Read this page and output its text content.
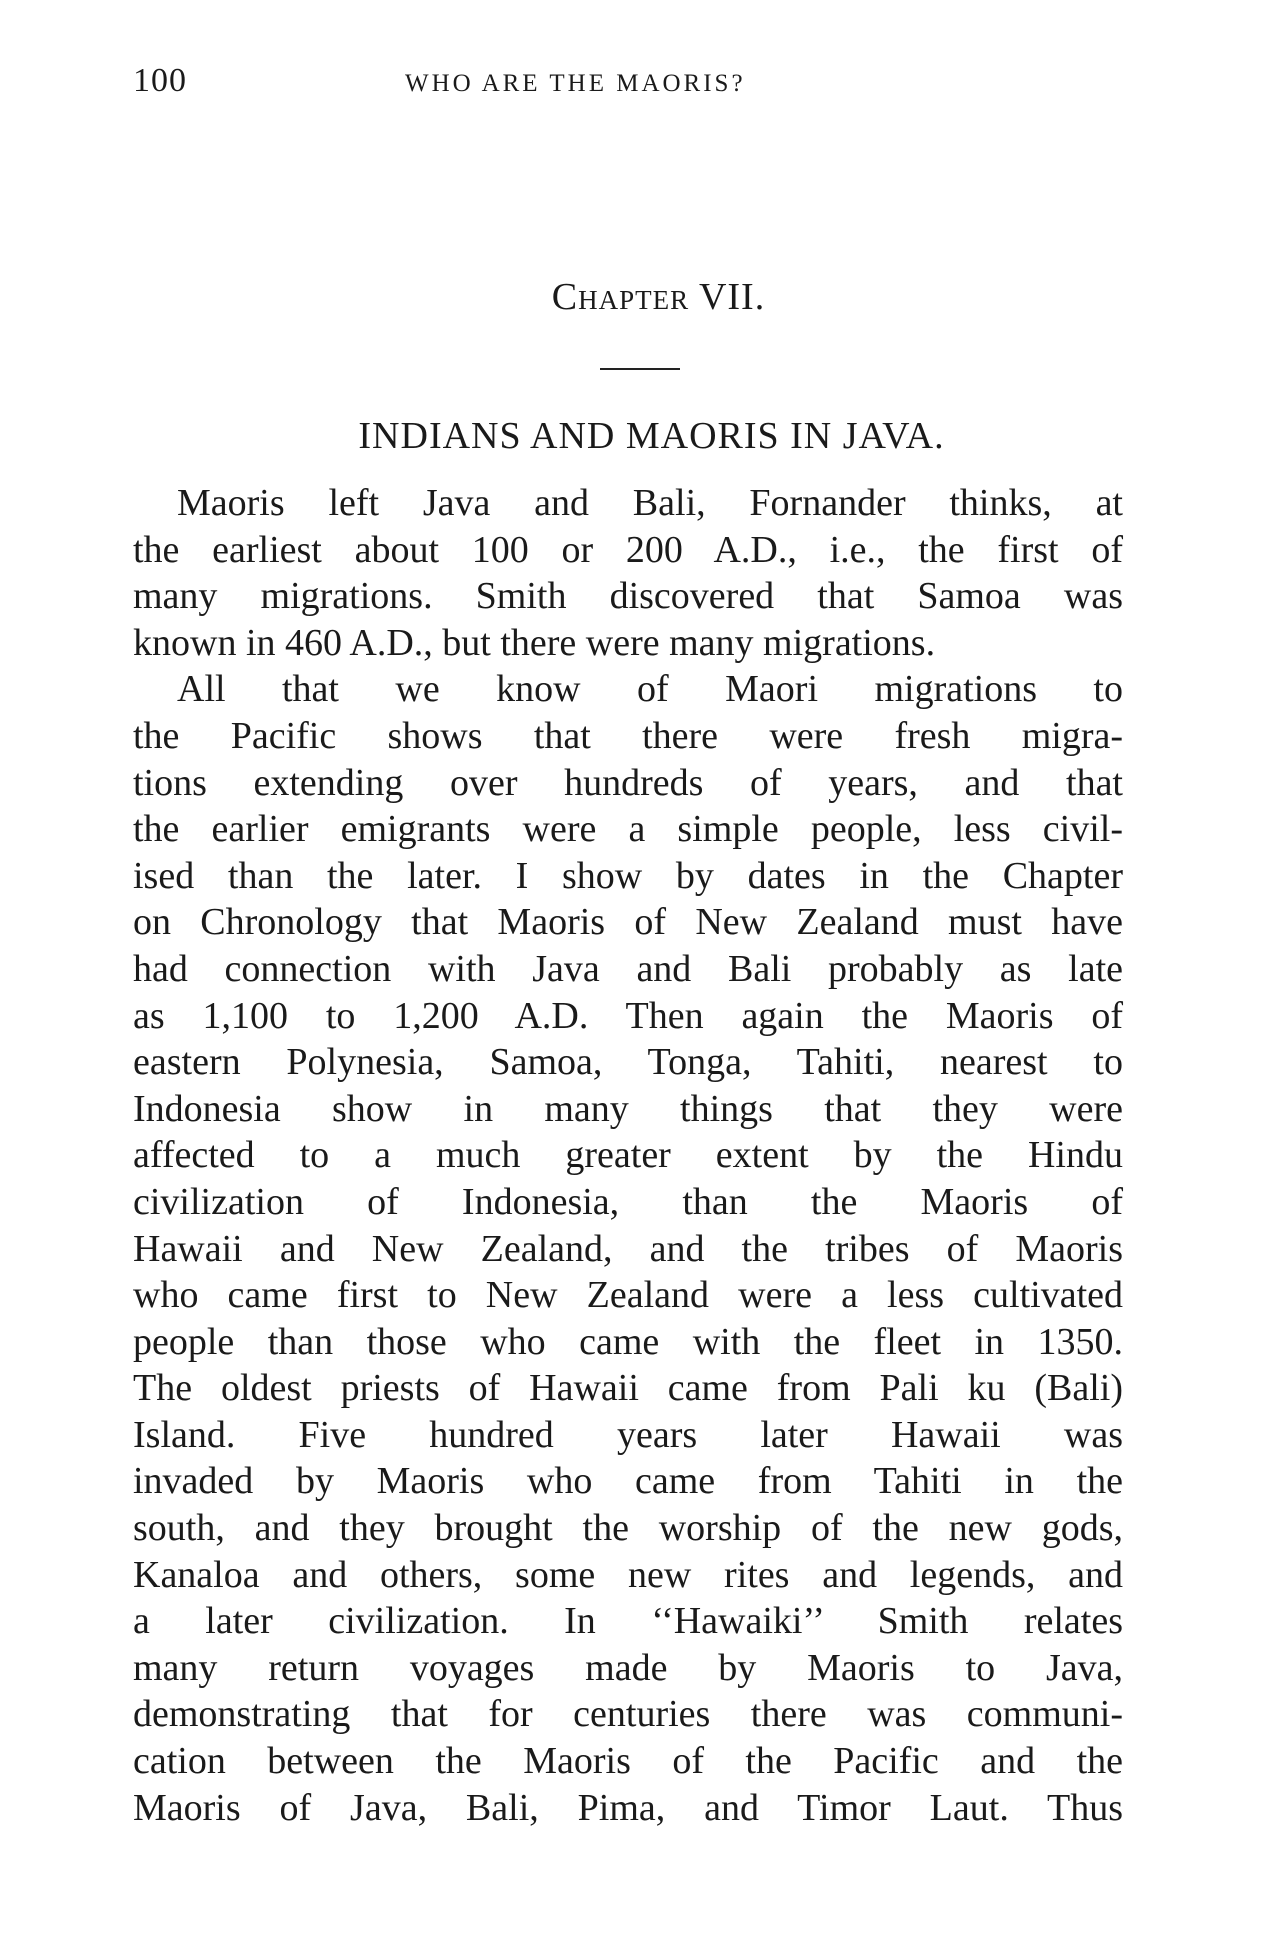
100	WHO ARE THE MAORIS?
Chapter VII.
INDIANS AND MAORIS IN JAVA.
Maoris left Java and Bali, Fornander thinks, at
the earliest about 100 or 200 A.D., i.e., the first of
many migrations. Smith discovered that Samoa was
known in 460 A.D., but there were many migrations.
All that we know of Maori migrations to
the Pacific shows that there were fresh migra-
tions extending over hundreds of years, and that
the earlier emigrants were a simple people, less civil-
ised than the later. I show by dates in the Chapter
on Chronology that Maoris of New Zealand must have
had connection with Java and Bali probably as late
as 1,100 to 1,200 A.D. Then again the Maoris of
eastern Polynesia, Samoa, Tonga, Tahiti, nearest to
Indonesia show in many things that they were
affected to a much greater extent by the Hindu
civilization of Indonesia, than the Maoris of
Hawaii and New Zealand, and the tribes of Maoris
who came first to New Zealand were a less cultivated
people than those who came with the fleet in 1350.
The oldest priests of Hawaii came from Pali ku (Bali)
Island. Five hundred years later Hawaii was
invaded by Maoris who came from Tahiti in the
south, and they brought the worship of the new gods,
Kanaloa and others, some new rites and legends, and
a later civilization. In ‘‘Hawaiki’’ Smith relates
many return voyages made by Maoris to Java,
demonstrating that for centuries there was communi-
cation between the Maoris of the Pacific and the
Maoris of Java, Bali, Pima, and Timor Laut. Thus
